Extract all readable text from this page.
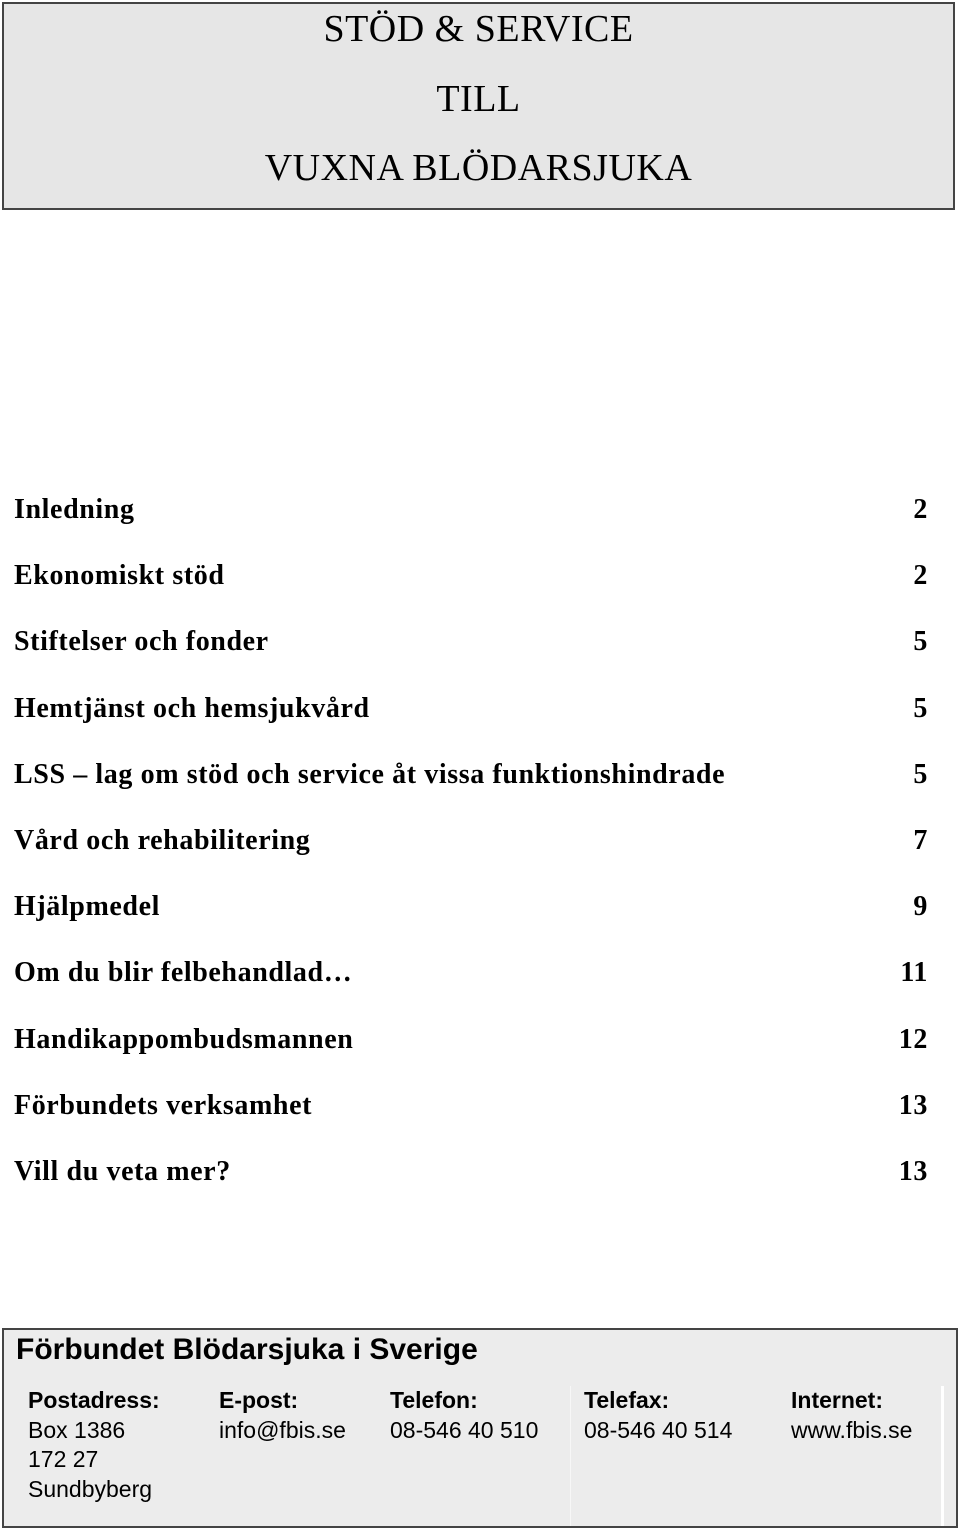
STÖD & SERVICE
TILL
VUXNA BLÖDARSJUKA
Inledning	2
Ekonomiskt stöd	2
Stiftelser och fonder	5
Hemtjänst och hemsjukvård	5
LSS – lag om stöd och service åt vissa funktionshindrade	5
Vård och rehabilitering	7
Hjälpmedel	9
Om du blir felbehandlad…	11
Handikappombudsmannen	12
Förbundets verksamhet	13
Vill du veta mer?	13
Förbundet Blödarsjuka i Sverige
Postadress:
Box 1386
172 27
Sundbyberg
E-post:
info@fbis.se
Telefon:
08-546 40 510
Telefax:
08-546 40 514
Internet:
www.fbis.se
